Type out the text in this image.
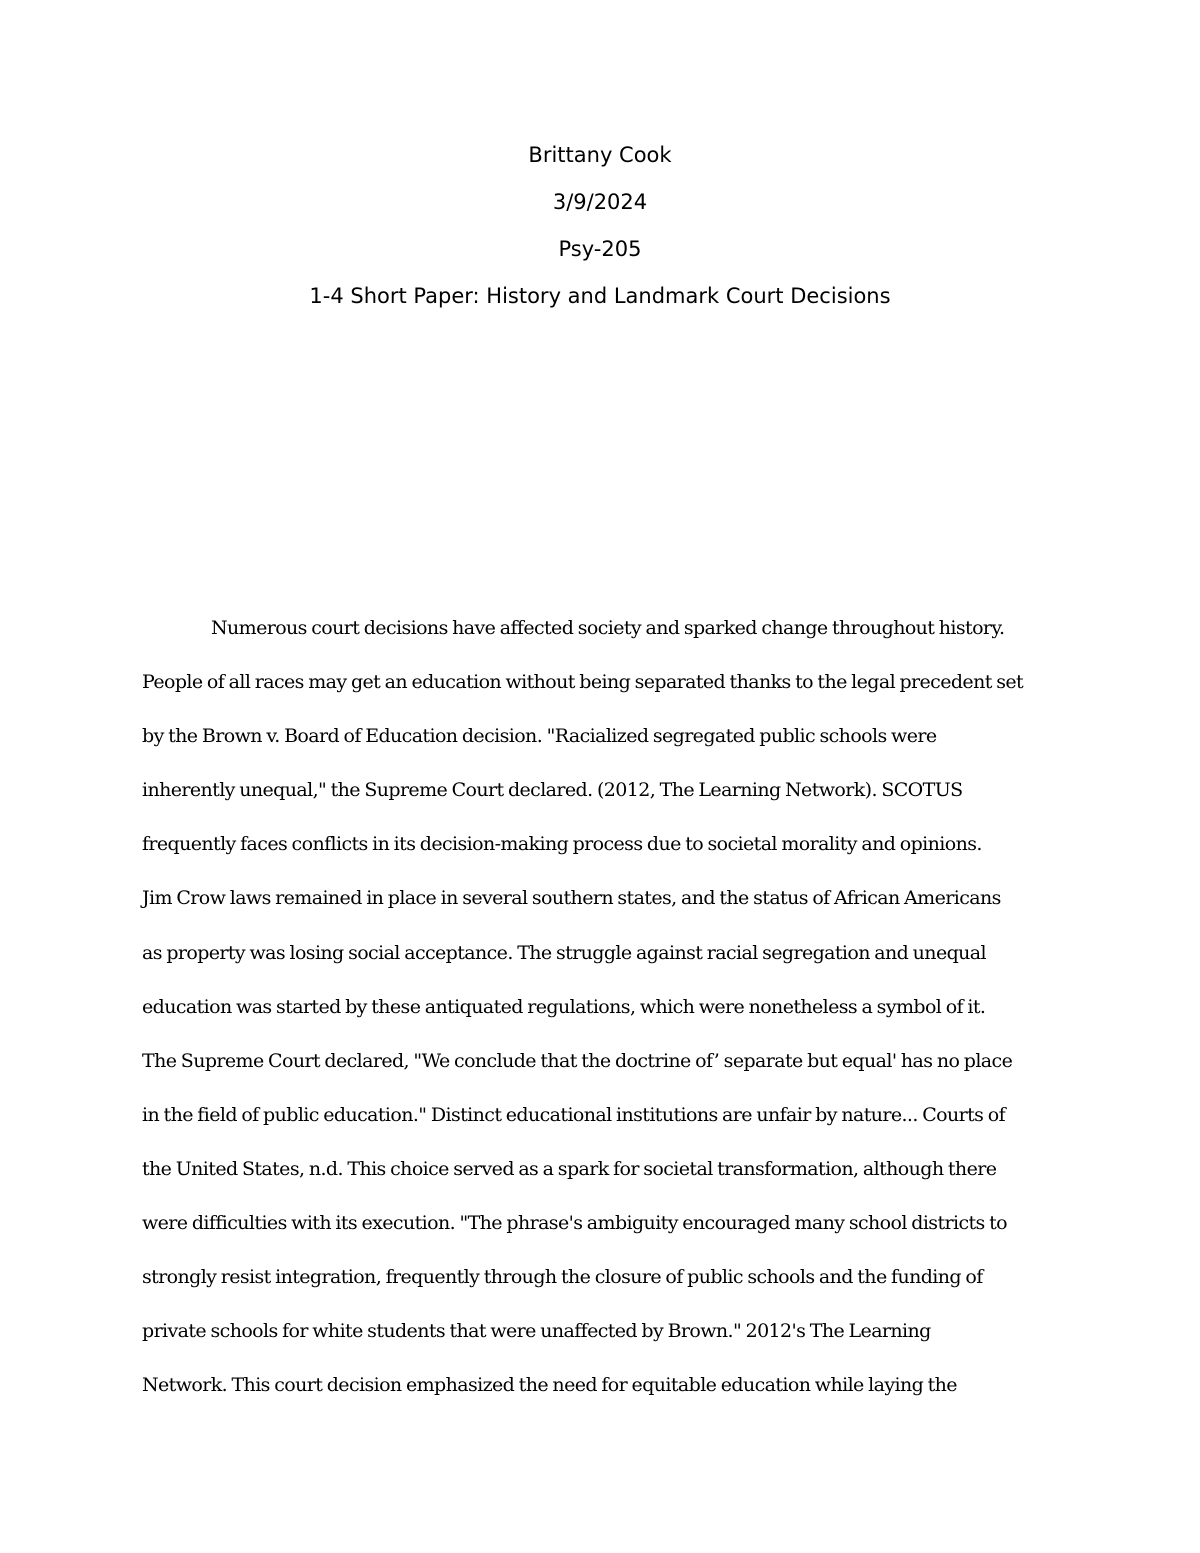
Brittany Cook
3/9/2024
Psy-205
1-4 Short Paper: History and Landmark Court Decisions
Numerous court decisions have affected society and sparked change throughout history.
People of all races may get an education without being separated thanks to the legal precedent set
by the Brown v. Board of Education decision. "Racialized segregated public schools were
inherently unequal," the Supreme Court declared. (2012, The Learning Network). SCOTUS
frequently faces conflicts in its decision-making process due to societal morality and opinions.
Jim Crow laws remained in place in several southern states, and the status of African Americans
as property was losing social acceptance. The struggle against racial segregation and unequal
education was started by these antiquated regulations, which were nonetheless a symbol of it.
The Supreme Court declared, "We conclude that the doctrine of’ separate but equal' has no place
in the field of public education." Distinct educational institutions are unfair by nature... Courts of
the United States, n.d. This choice served as a spark for societal transformation, although there
were difficulties with its execution. "The phrase's ambiguity encouraged many school districts to
strongly resist integration, frequently through the closure of public schools and the funding of
private schools for white students that were unaffected by Brown." 2012's The Learning
Network. This court decision emphasized the need for equitable education while laying the
